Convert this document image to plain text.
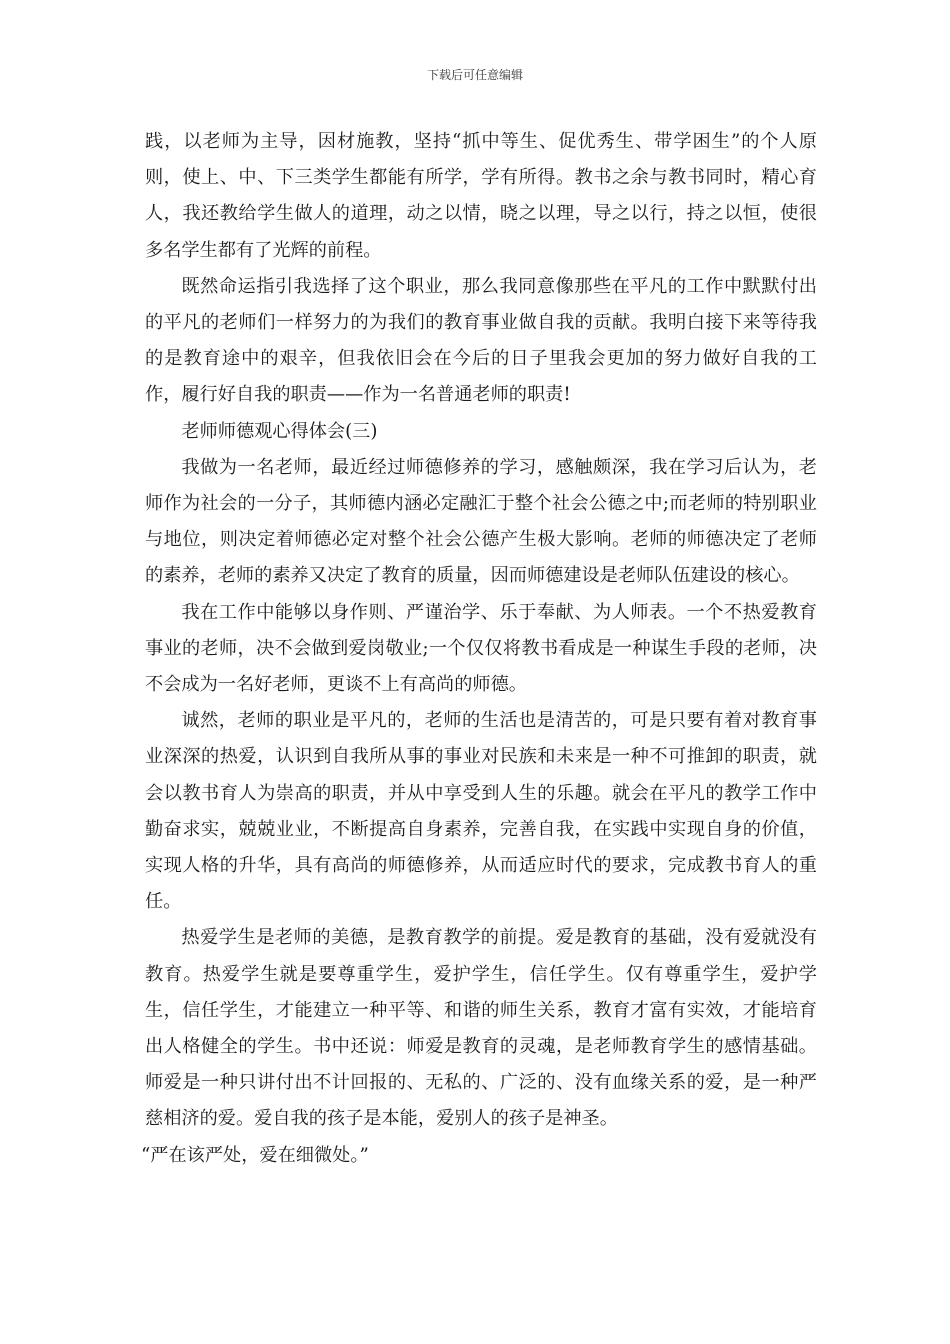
下载后可任意编辑

践，以老师为主导，因材施教，坚持“抓中等生、促优秀生、带学困生”的个人原则，使上、中、下三类学生都能有所学，学有所得。教书之余与教书同时，精心育人，我还教给学生做人的道理，动之以情，晓之以理，导之以行，持之以恒，使很多名学生都有了光辉的前程。

既然命运指引我选择了这个职业，那么我同意像那些在平凡的工作中默默付出的平凡的老师们一样努力的为我们的教育事业做自我的贡献。我明白接下来等待我的是教育途中的艰辛，但我依旧会在今后的日子里我会更加的努力做好自我的工作，履行好自我的职责——作为一名普通老师的职责!

老师师德观心得体会(三)

我做为一名老师，最近经过师德修养的学习，感触颇深，我在学习后认为，老师作为社会的一分子，其师德内涵必定融汇于整个社会公德之中;而老师的特别职业与地位，则决定着师德必定对整个社会公德产生极大影响。老师的师德决定了老师的素养，老师的素养又决定了教育的质量，因而师德建设是老师队伍建设的核心。

我在工作中能够以身作则、严谨治学、乐于奉献、为人师表。一个不热爱教育事业的老师，决不会做到爱岗敬业;一个仅仅将教书看成是一种谋生手段的老师，决不会成为一名好老师，更谈不上有高尚的师德。

诚然，老师的职业是平凡的，老师的生活也是清苦的，可是只要有着对教育事业深深的热爱，认识到自我所从事的事业对民族和未来是一种不可推卸的职责，就会以教书育人为崇高的职责，并从中享受到人生的乐趣。就会在平凡的教学工作中勤奋求实，兢兢业业，不断提高自身素养，完善自我，在实践中实现自身的价值，实现人格的升华，具有高尚的师德修养，从而适应时代的要求，完成教书育人的重任。

热爱学生是老师的美德，是教育教学的前提。爱是教育的基础，没有爱就没有教育。热爱学生就是要尊重学生，爱护学生，信任学生。仅有尊重学生，爱护学生，信任学生，才能建立一种平等、和谐的师生关系，教育才富有实效，才能培育出人格健全的学生。书中还说：师爱是教育的灵魂，是老师教育学生的感情基础。师爱是一种只讲付出不计回报的、无私的、广泛的、没有血缘关系的爱，是一种严慈相济的爱。爱自我的孩子是本能，爱别人的孩子是神圣。

“严在该严处，爱在细微处。”
